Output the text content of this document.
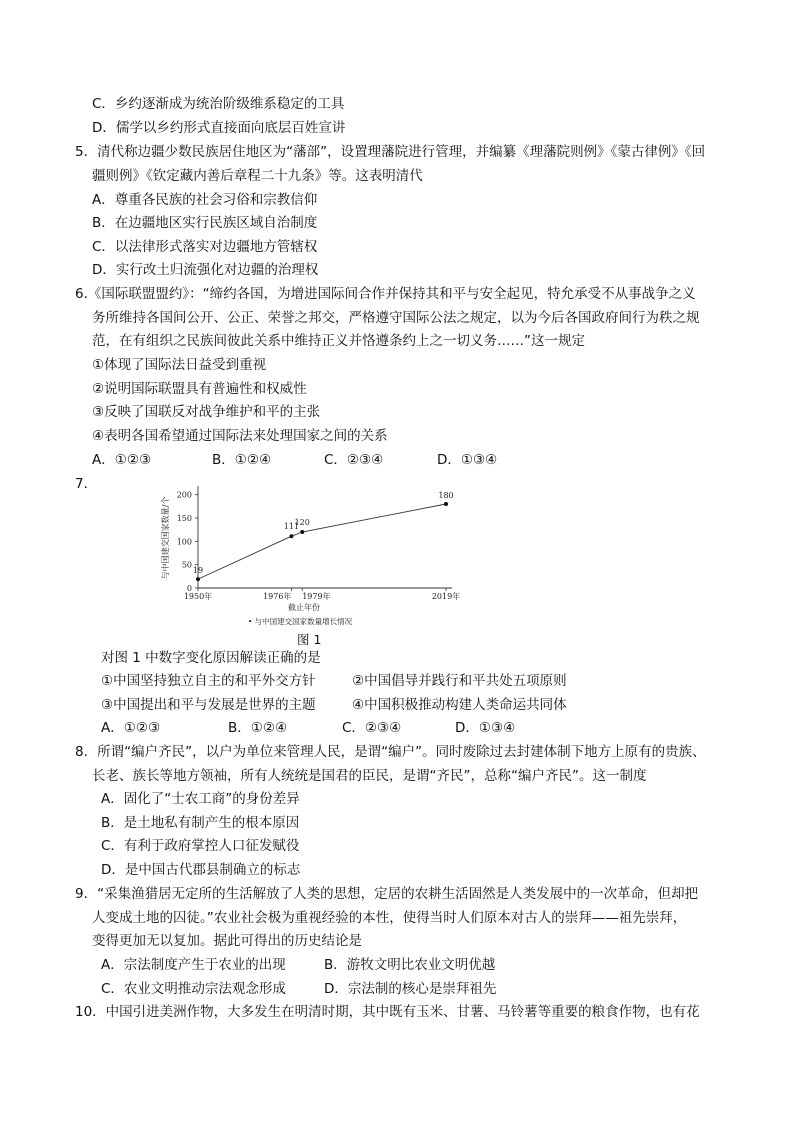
C．乡约逐渐成为统治阶级维系稳定的工具
D．儒学以乡约形式直接面向底层百姓宣讲
5．清代称边疆少数民族居住地区为“藩部”，设置理藩院进行管理，并编纂《理藩院则例》《蒙古律例》《回
疆则例》《钦定藏内善后章程二十九条》等。这表明清代
A．尊重各民族的社会习俗和宗教信仰
B．在边疆地区实行民族区域自治制度
C．以法律形式落实对边疆地方管辖权
D．实行改土归流强化对边疆的治理权
6.《国际联盟盟约》：“缔约各国，为增进国际间合作并保持其和平与安全起见，特允承受不从事战争之义
务所维持各国间公开、公正、荣誉之邦交，严格遵守国际公法之规定，以为今后各国政府间行为秩之规
范，在有组织之民族间彼此关系中维持正义并恪遵条约上之一切义务……”这一规定
①体现了国际法日益受到重视
②说明国际联盟具有普遍性和权威性
③反映了国联反对战争维护和平的主张
④表明各国希望通过国际法来处理国家之间的关系
A．①②③	B．①②④	C．②③④	D．①③④
7．
与中国建交国家数量/个
0
50
100
150
200
1950年	1976年 1979年	2019年
19
111
120
180
截止年份
• 与中国建交国家数量增长情况
图 1
对图 1 中数字变化原因解读正确的是
①中国坚持独立自主的和平外交方针	②中国倡导并践行和平共处五项原则
③中国提出和平与发展是世界的主题	④中国积极推动构建人类命运共同体
A．①②③	B．①②④	C．②③④	D．①③④
8．所谓“编户齐民”，以户为单位来管理人民，是谓“编户”。同时废除过去封建体制下地方上原有的贵族、
长老、族长等地方领袖，所有人统统是国君的臣民，是谓“齐民”，总称“编户齐民”。这一制度
A．固化了“士农工商”的身份差异
B．是土地私有制产生的根本原因
C．有利于政府掌控人口征发赋役
D．是中国古代郡县制确立的标志
9．“采集渔猎居无定所的生活解放了人类的思想，定居的农耕生活固然是人类发展中的一次革命，但却把
人变成土地的囚徒。”农业社会极为重视经验的本性，使得当时人们原本对古人的崇拜——祖先崇拜，
变得更加无以复加。据此可得出的历史结论是
A．宗法制度产生于农业的出现	B．游牧文明比农业文明优越
C．农业文明推动宗法观念形成	D．宗法制的核心是崇拜祖先
10．中国引进美洲作物，大多发生在明清时期，其中既有玉米、甘薯、马铃薯等重要的粮食作物，也有花
